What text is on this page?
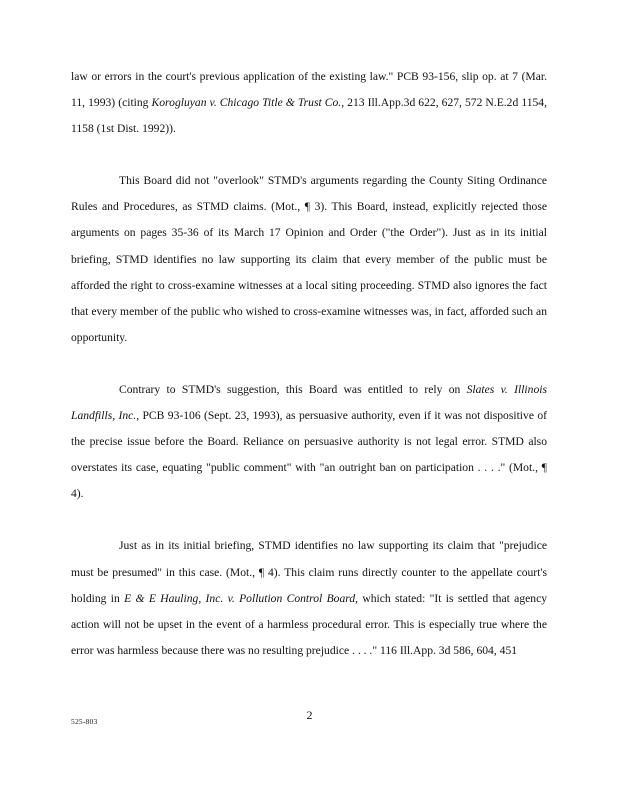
law or errors in the court's previous application of the existing law." PCB 93-156, slip op. at 7 (Mar. 11, 1993) (citing Korogluyan v. Chicago Title & Trust Co., 213 Ill.App.3d 622, 627, 572 N.E.2d 1154, 1158 (1st Dist. 1992)).

This Board did not "overlook" STMD's arguments regarding the County Siting Ordinance Rules and Procedures, as STMD claims. (Mot., ¶ 3). This Board, instead, explicitly rejected those arguments on pages 35-36 of its March 17 Opinion and Order ("the Order"). Just as in its initial briefing, STMD identifies no law supporting its claim that every member of the public must be afforded the right to cross-examine witnesses at a local siting proceeding. STMD also ignores the fact that every member of the public who wished to cross-examine witnesses was, in fact, afforded such an opportunity.

Contrary to STMD's suggestion, this Board was entitled to rely on Slates v. Illinois Landfills, Inc., PCB 93-106 (Sept. 23, 1993), as persuasive authority, even if it was not dispositive of the precise issue before the Board. Reliance on persuasive authority is not legal error. STMD also overstates its case, equating "public comment" with "an outright ban on participation . . . ." (Mot., ¶ 4).

Just as in its initial briefing, STMD identifies no law supporting its claim that "prejudice must be presumed" in this case. (Mot., ¶ 4). This claim runs directly counter to the appellate court's holding in E & E Hauling, Inc. v. Pollution Control Board, which stated: "It is settled that agency action will not be upset in the event of a harmless procedural error. This is especially true where the error was harmless because there was no resulting prejudice . . . ." 116 Ill.App. 3d 586, 604, 451

2
525-803
